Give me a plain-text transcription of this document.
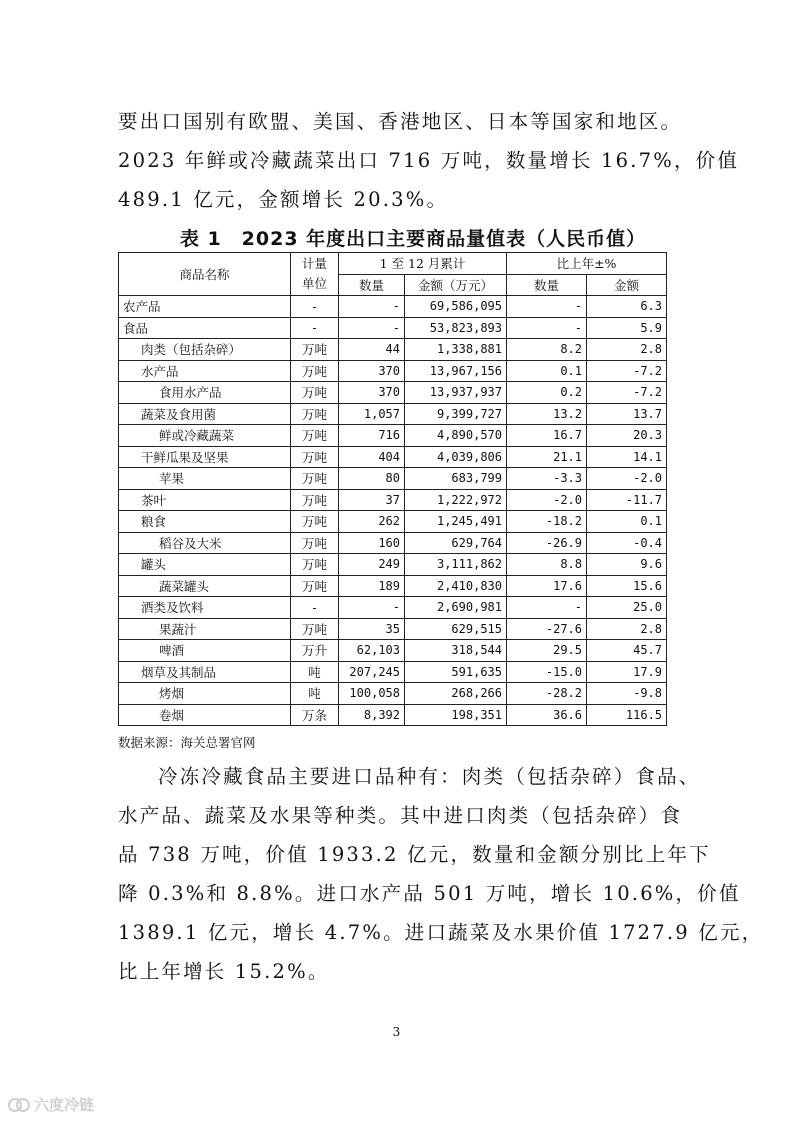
要出口国别有欧盟、美国、香港地区、日本等国家和地区。
2023 年鲜或冷藏蔬菜出口 716 万吨，数量增长 16.7%，价值
489.1 亿元，金额增长 20.3%。

表 1　2023 年度出口主要商品量值表（人民币值）
商品名称	计量单位	1 至 12 月累计		比上年±%	
		数量	金额（万元）	数量	金额
农产品	-	-	69,586,095	-	6.3
食品	-	-	53,823,893	-	5.9
肉类（包括杂碎）	万吨	44	1,338,881	8.2	2.8
水产品	万吨	370	13,967,156	0.1	-7.2
食用水产品	万吨	370	13,937,937	0.2	-7.2
蔬菜及食用菌	万吨	1,057	9,399,727	13.2	13.7
鲜或冷藏蔬菜	万吨	716	4,890,570	16.7	20.3
干鲜瓜果及坚果	万吨	404	4,039,806	21.1	14.1
苹果	万吨	80	683,799	-3.3	-2.0
茶叶	万吨	37	1,222,972	-2.0	-11.7
粮食	万吨	262	1,245,491	-18.2	0.1
稻谷及大米	万吨	160	629,764	-26.9	-0.4
罐头	万吨	249	3,111,862	8.8	9.6
蔬菜罐头	万吨	189	2,410,830	17.6	15.6
酒类及饮料	-	-	2,690,981	-	25.0
果蔬汁	万吨	35	629,515	-27.6	2.8
啤酒	万升	62,103	318,544	29.5	45.7
烟草及其制品	吨	207,245	591,635	-15.0	17.9
烤烟	吨	100,058	268,266	-28.2	-9.8
卷烟	万条	8,392	198,351	36.6	116.5
数据来源：海关总署官网

冷冻冷藏食品主要进口品种有：肉类（包括杂碎）食品、
水产品、蔬菜及水果等种类。其中进口肉类（包括杂碎）食
品 738 万吨，价值 1933.2 亿元，数量和金额分别比上年下
降 0.3%和 8.8%。进口水产品 501 万吨，增长 10.6%，价值
1389.1 亿元，增长 4.7%。进口蔬菜及水果价值 1727.9 亿元，
比上年增长 15.2%。

3
六度冷链
